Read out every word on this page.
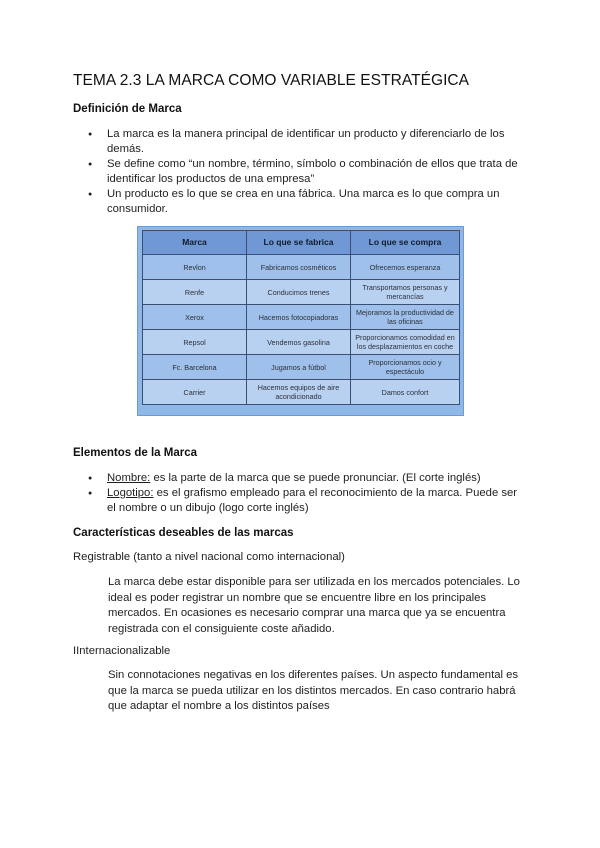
TEMA 2.3 LA MARCA COMO VARIABLE ESTRATÉGICA
Definición de Marca
● La marca es la manera principal de identificar un producto y diferenciarlo de los demás.
● Se define como “un nombre, término, símbolo o combinación de ellos que trata de identificar los productos de una empresa”
● Un producto es lo que se crea en una fábrica. Una marca es lo que compra un consumidor.
Marca	Lo que se fabrica	Lo que se compra
Revlon	Fabricamos cosméticos	Ofrecemos esperanza
Renfe	Conducimos trenes	Transportamos personas y mercancías
Xerox	Hacemos fotocopiadoras	Mejoramos la productividad de las oficinas
Repsol	Vendemos gasolina	Proporcionamos comodidad en los desplazamientos en coche
Fc. Barcelona	Jugamos a fútbol	Proporcionamos ocio y espectáculo
Carrier	Hacemos equipos de aire acondicionado	Damos confort
Elementos de la Marca
● Nombre: es la parte de la marca que se puede pronunciar. (El corte inglés)
● Logotipo: es el grafismo empleado para el reconocimiento de la marca. Puede ser el nombre o un dibujo (logo corte inglés)
Características deseables de las marcas

Registrable (tanto a nivel nacional como internacional)

La marca debe estar disponible para ser utilizada en los mercados potenciales. Lo ideal es poder registrar un nombre que se encuentre libre en los principales mercados. En ocasiones es necesario comprar una marca que ya se encuentra registrada con el consiguiente coste añadido.

IInternacionalizable

Sin connotaciones negativas en los diferentes países. Un aspecto fundamental es que la marca se pueda utilizar en los distintos mercados. En caso contrario habrá que adaptar el nombre a los distintos países
